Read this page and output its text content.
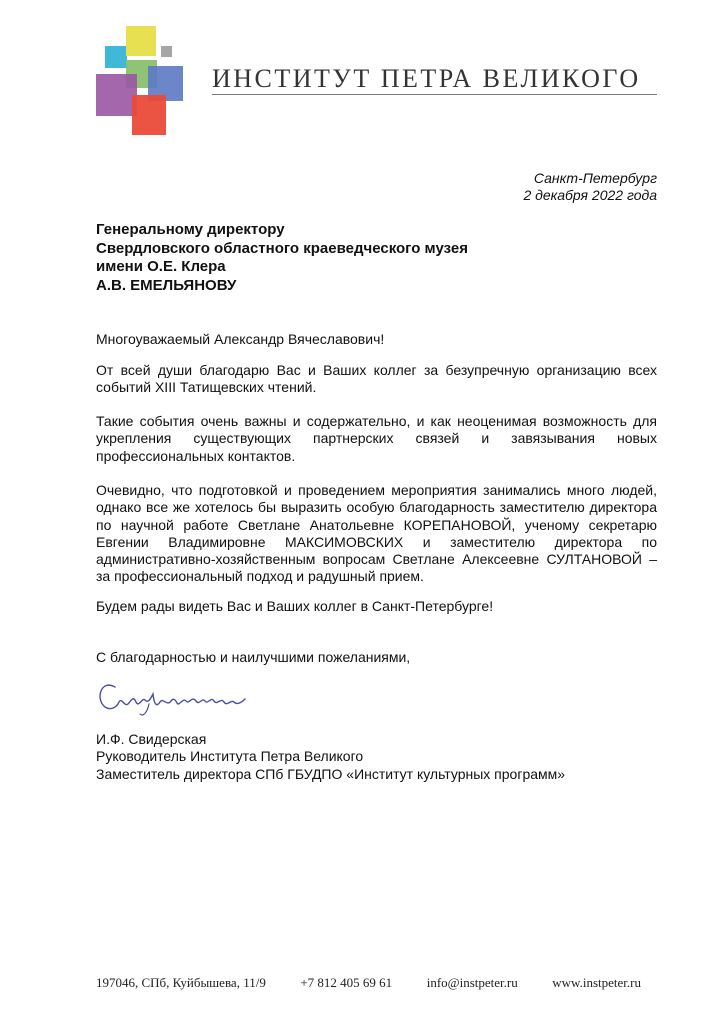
ИНСТИТУТ ПЕТРА ВЕЛИКОГО
Санкт-Петербург
2 декабря 2022 года
Генеральному директору
Свердловского областного краеведческого музея
имени О.Е. Клера
А.В. ЕМЕЛЬЯНОВУ

Многоуважаемый Александр Вячеславович!

От всей души благодарю Вас и Ваших коллег за безупречную организацию всех событий XIII Татищевских чтений.

Такие события очень важны и содержательно, и как неоценимая возможность для укрепления существующих партнерских связей и завязывания новых профессиональных контактов.

Очевидно, что подготовкой и проведением мероприятия занимались много людей, однако все же хотелось бы выразить особую благодарность заместителю директора по научной работе Светлане Анатольевне КОРЕПАНОВОЙ, ученому секретарю Евгении Владимировне МАКСИМОВСКИХ и заместителю директора по административно-хозяйственным вопросам Светлане Алексеевне СУЛТАНОВОЙ – за профессиональный подход и радушный прием.

Будем рады видеть Вас и Ваших коллег в Санкт-Петербурге!

С благодарностью и наилучшими пожеланиями,

И.Ф. Свидерская
Руководитель Института Петра Великого
Заместитель директора СПб ГБУДПО «Институт культурных программ»
197046, СПб, Куйбышева, 11/9	+7 812 405 69 61	info@instpeter.ru	www.instpeter.ru
